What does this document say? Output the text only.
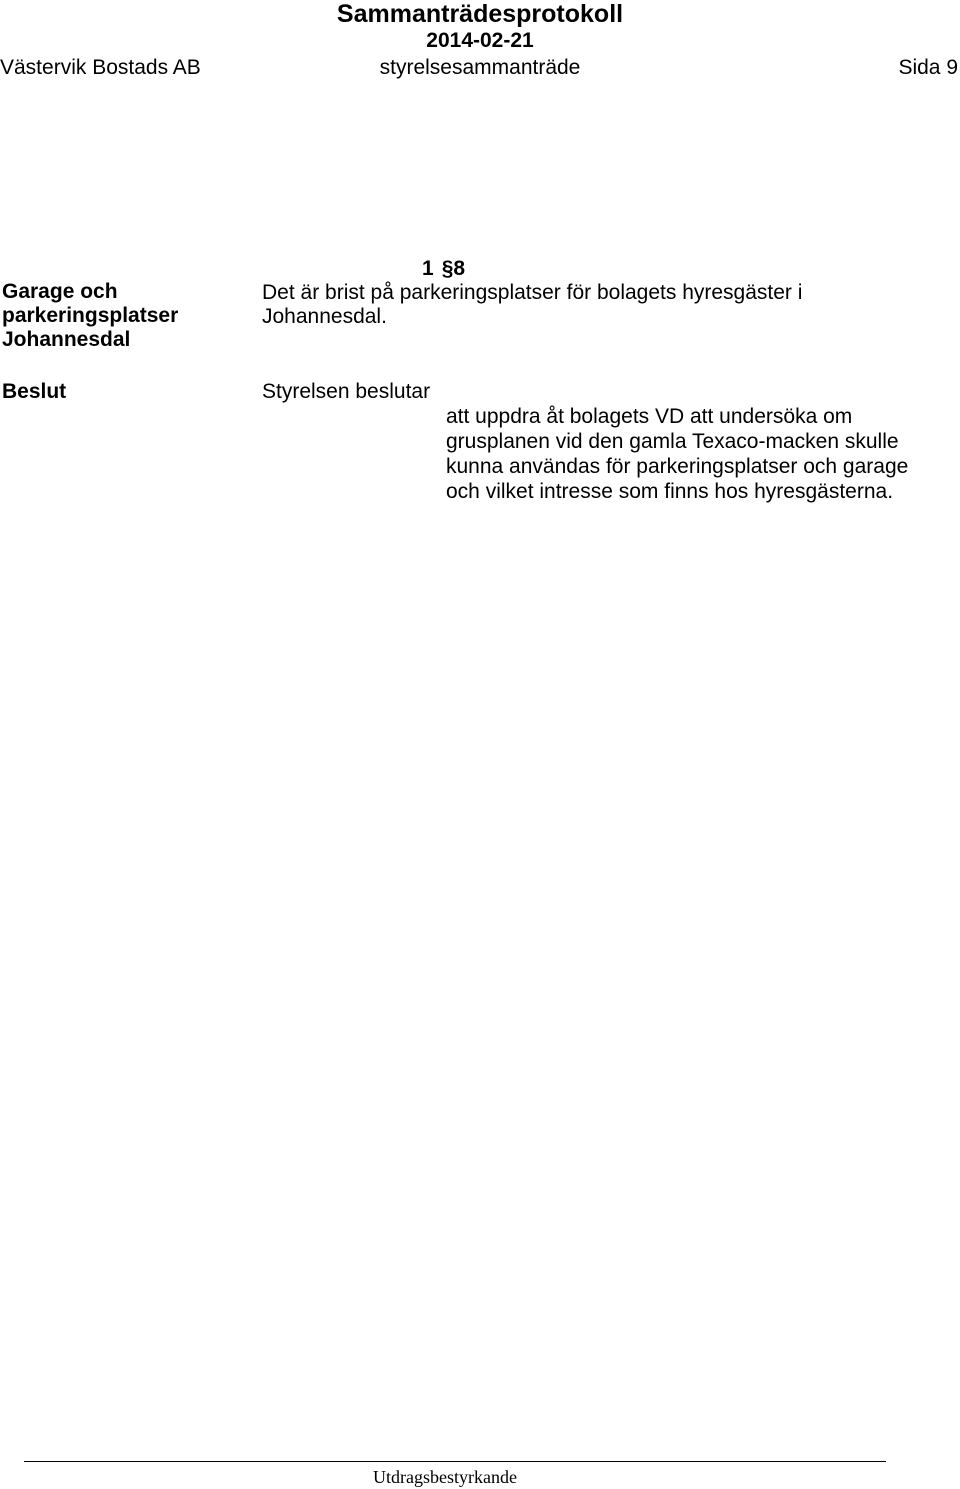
Sammanträdesprotokoll
2014-02-21
styrelsesammanträde
Västervik Bostads AB	Sida 9
1 §8
Garage och
parkeringsplatser
Johannesdal
Det är brist på parkeringsplatser för bolagets hyresgäster i
Johannesdal.
Beslut	Styrelsen beslutar
att uppdra åt bolagets VD att undersöka om
grusplanen vid den gamla Texaco-macken skulle
kunna användas för parkeringsplatser och garage
och vilket intresse som finns hos hyresgästerna.
Utdragsbestyrkande
